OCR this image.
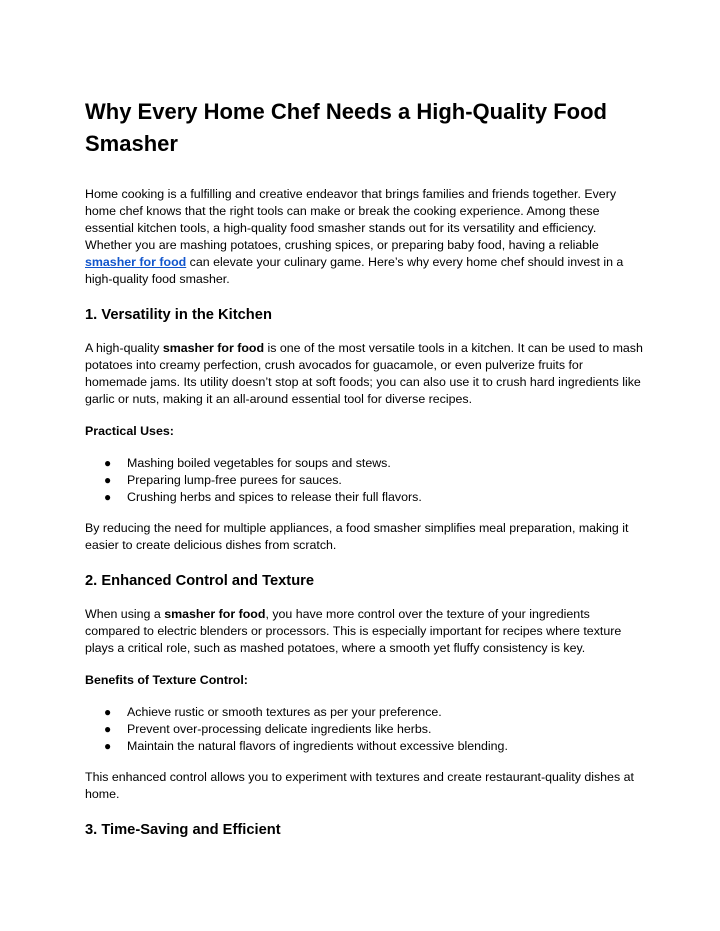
Why Every Home Chef Needs a High-Quality Food Smasher

Home cooking is a fulfilling and creative endeavor that brings families and friends together. Every home chef knows that the right tools can make or break the cooking experience. Among these essential kitchen tools, a high-quality food smasher stands out for its versatility and efficiency. Whether you are mashing potatoes, crushing spices, or preparing baby food, having a reliable smasher for food can elevate your culinary game. Here’s why every home chef should invest in a high-quality food smasher.

1. Versatility in the Kitchen

A high-quality smasher for food is one of the most versatile tools in a kitchen. It can be used to mash potatoes into creamy perfection, crush avocados for guacamole, or even pulverize fruits for homemade jams. Its utility doesn’t stop at soft foods; you can also use it to crush hard ingredients like garlic or nuts, making it an all-around essential tool for diverse recipes.

Practical Uses:

● Mashing boiled vegetables for soups and stews.
● Preparing lump-free purees for sauces.
● Crushing herbs and spices to release their full flavors.

By reducing the need for multiple appliances, a food smasher simplifies meal preparation, making it easier to create delicious dishes from scratch.

2. Enhanced Control and Texture

When using a smasher for food, you have more control over the texture of your ingredients compared to electric blenders or processors. This is especially important for recipes where texture plays a critical role, such as mashed potatoes, where a smooth yet fluffy consistency is key.

Benefits of Texture Control:

● Achieve rustic or smooth textures as per your preference.
● Prevent over-processing delicate ingredients like herbs.
● Maintain the natural flavors of ingredients without excessive blending.

This enhanced control allows you to experiment with textures and create restaurant-quality dishes at home.

3. Time-Saving and Efficient
